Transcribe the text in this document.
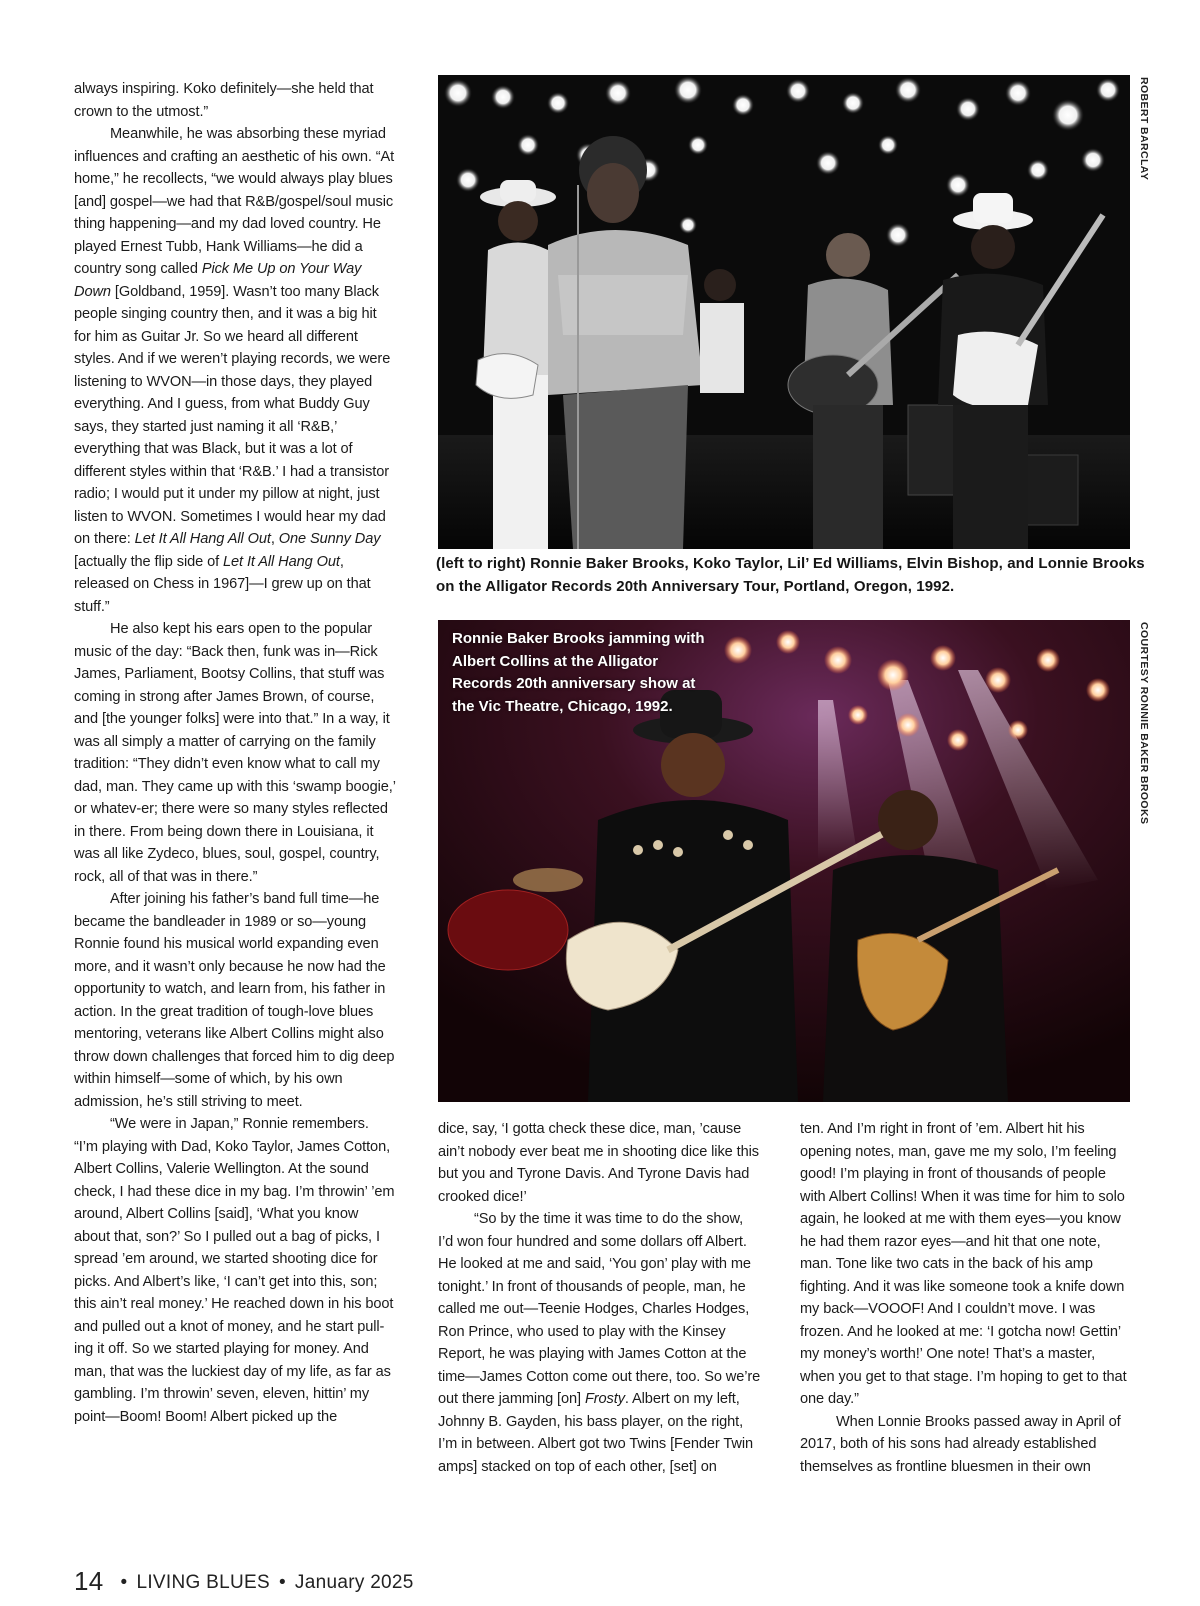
always inspiring. Koko definitely—she held that crown to the utmost.”

Meanwhile, he was absorbing these myriad influences and crafting an aesthetic of his own. “At home,” he recollects, “we would always play blues [and] gospel—we had that R&B/gospel/soul music thing happening—and my dad loved country. He played Ernest Tubb, Hank Williams—he did a country song called Pick Me Up on Your Way Down [Goldband, 1959]. Wasn’t too many Black people singing country then, and it was a big hit for him as Guitar Jr. So we heard all different styles. And if we weren’t playing records, we were listening to WVON—in those days, they played everything. And I guess, from what Buddy Guy says, they started just naming it all ‘R&B,’ everything that was Black, but it was a lot of different styles within that ‘R&B.’ I had a transistor radio; I would put it under my pillow at night, just listen to WVON. Sometimes I would hear my dad on there: Let It All Hang All Out, One Sunny Day [actually the flip side of Let It All Hang Out, released on Chess in 1967]—I grew up on that stuff.”

He also kept his ears open to the popular music of the day: “Back then, funk was in—Rick James, Parliament, Bootsy Collins, that stuff was coming in strong after James Brown, of course, and [the younger folks] were into that.” In a way, it was all simply a matter of carrying on the family tradition: “They didn’t even know what to call my dad, man. They came up with this ‘swamp boogie,’ or whatev-er; there were so many styles reflected in there. From being down there in Louisiana, it was all like Zydeco, blues, soul, gospel, country, rock, all of that was in there.”

After joining his father’s band full time—he became the bandleader in 1989 or so—young Ronnie found his musical world expanding even more, and it wasn’t only because he now had the opportunity to watch, and learn from, his father in action. In the great tradition of tough-love blues mentoring, veterans like Albert Collins might also throw down challenges that forced him to dig deep within himself—some of which, by his own admission, he’s still striving to meet.

“We were in Japan,” Ronnie remembers. “I’m playing with Dad, Koko Taylor, James Cotton, Albert Collins, Valerie Wellington. At the sound check, I had these dice in my bag. I’m throwin’ ’em around, Albert Collins [said], ‘What you know about that, son?’ So I pulled out a bag of picks, I spread ’em around, we started shooting dice for picks. And Albert’s like, ‘I can’t get into this, son; this ain’t real money.’ He reached down in his boot and pulled out a knot of money, and he start pull-ing it off. So we started playing for money. And man, that was the luckiest day of my life, as far as gambling. I’m throwin’ seven, eleven, hittin’ my point—Boom! Boom! Albert picked up the

ROBERT BARCLAY
(left to right) Ronnie Baker Brooks, Koko Taylor, Lil’ Ed Williams, Elvin Bishop, and Lonnie Brooks on the Alligator Records 20th Anniversary Tour, Portland, Oregon, 1992.
Ronnie Baker Brooks jamming with Albert Collins at the Alligator Records 20th anniversary show at the Vic Theatre, Chicago, 1992.	COURTESY RONNIE BAKER BROOKS

dice, say, ‘I gotta check these dice, man, ’cause ain’t nobody ever beat me in shooting dice like this but you and Tyrone Davis. And Tyrone Davis had crooked dice!’

“So by the time it was time to do the show, I’d won four hundred and some dollars off Albert. He looked at me and said, ‘You gon’ play with me tonight.’ In front of thousands of people, man, he called me out—Teenie Hodges, Charles Hodges, Ron Prince, who used to play with the Kinsey Report, he was playing with James Cotton at the time—James Cotton come out there, too. So we’re out there jamming [on] Frosty. Albert on my left, Johnny B. Gayden, his bass player, on the right, I’m in between. Albert got two Twins [Fender Twin amps] stacked on top of each other, [set] on

ten. And I’m right in front of ’em. Albert hit his opening notes, man, gave me my solo, I’m feeling good! I’m playing in front of thousands of people with Albert Collins! When it was time for him to solo again, he looked at me with them eyes—you know he had them razor eyes—and hit that one note, man. Tone like two cats in the back of his amp fighting. And it was like someone took a knife down my back—VOOOF! And I couldn’t move. I was frozen. And he looked at me: ‘I gotcha now! Gettin’ my money’s worth!’ One note! That’s a master, when you get to that stage. I’m hoping to get to that one day.”

When Lonnie Brooks passed away in April of 2017, both of his sons had already established themselves as frontline bluesmen in their own

14 • LIVING BLUES • January 2025
